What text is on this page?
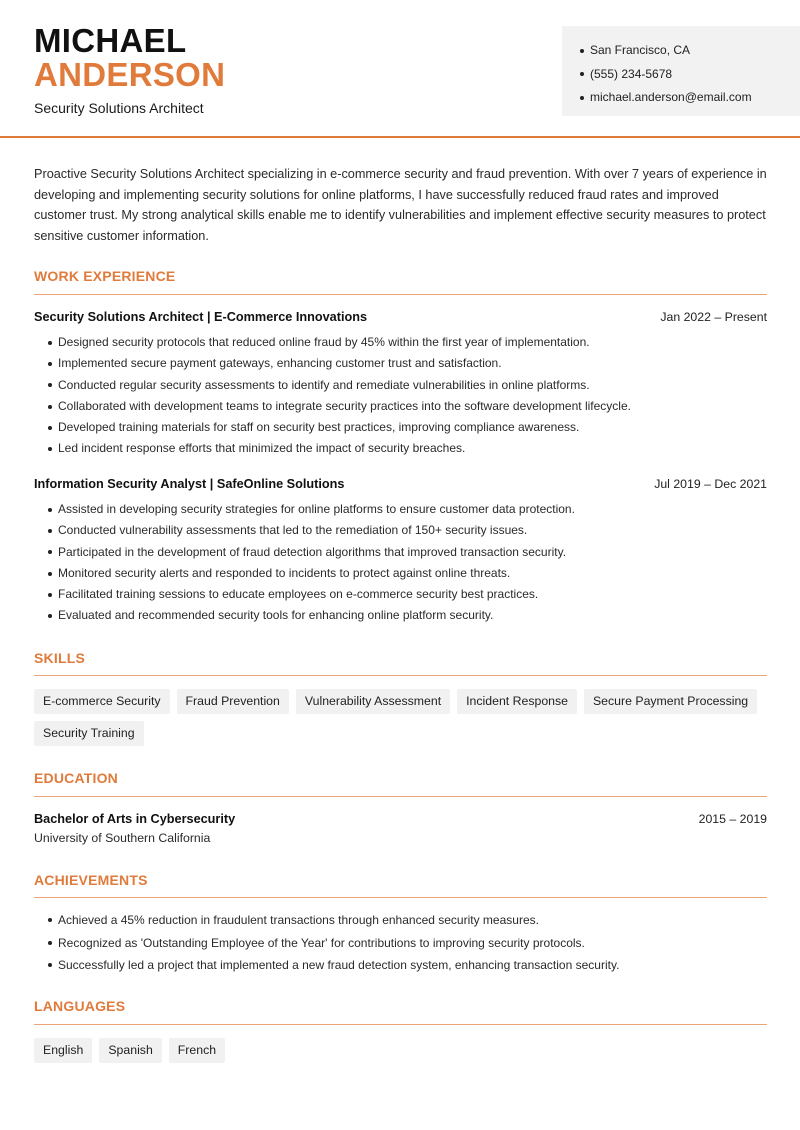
MICHAEL
ANDERSON
Security Solutions Architect
San Francisco, CA
(555) 234-5678
michael.anderson@email.com
Proactive Security Solutions Architect specializing in e-commerce security and fraud prevention. With over 7 years of experience in developing and implementing security solutions for online platforms, I have successfully reduced fraud rates and improved customer trust. My strong analytical skills enable me to identify vulnerabilities and implement effective security measures to protect sensitive customer information.
WORK EXPERIENCE
Security Solutions Architect | E-Commerce Innovations	Jan 2022 – Present
Designed security protocols that reduced online fraud by 45% within the first year of implementation.
Implemented secure payment gateways, enhancing customer trust and satisfaction.
Conducted regular security assessments to identify and remediate vulnerabilities in online platforms.
Collaborated with development teams to integrate security practices into the software development lifecycle.
Developed training materials for staff on security best practices, improving compliance awareness.
Led incident response efforts that minimized the impact of security breaches.
Information Security Analyst | SafeOnline Solutions	Jul 2019 – Dec 2021
Assisted in developing security strategies for online platforms to ensure customer data protection.
Conducted vulnerability assessments that led to the remediation of 150+ security issues.
Participated in the development of fraud detection algorithms that improved transaction security.
Monitored security alerts and responded to incidents to protect against online threats.
Facilitated training sessions to educate employees on e-commerce security best practices.
Evaluated and recommended security tools for enhancing online platform security.
SKILLS
E-commerce Security	Fraud Prevention	Vulnerability Assessment	Incident Response	Secure Payment Processing
Security Training
EDUCATION
Bachelor of Arts in Cybersecurity	2015 – 2019
University of Southern California
ACHIEVEMENTS
Achieved a 45% reduction in fraudulent transactions through enhanced security measures.
Recognized as 'Outstanding Employee of the Year' for contributions to improving security protocols.
Successfully led a project that implemented a new fraud detection system, enhancing transaction security.
LANGUAGES
English	Spanish	French
